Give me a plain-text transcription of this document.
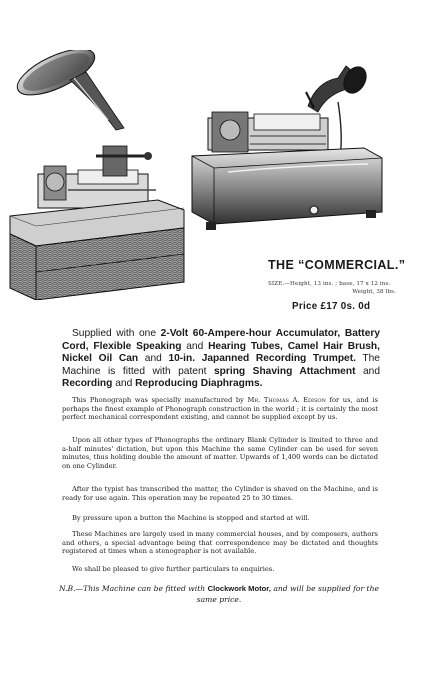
THE “COMMERCIAL.”
SIZE.—Height, 13 ins. ; base, 17 x 12 ins.
Weight, 38 lbs.
Price £17 0s. 0d
Supplied with one 2-Volt 60-Ampere-hour Accumulator, Battery Cord, Flexible Speaking and Hearing Tubes, Camel Hair Brush, Nickel Oil Can and 10-in. Japanned Recording Trumpet. The Machine is fitted with patent spring Shaving Attachment and Recording and Reproducing Diaphragms.
This Phonograph was specially manufactured by Mr. Thomas A. Edison for us, and is perhaps the finest example of Phonograph construction in the world ; it is certainly the most perfect mechanical correspondent existing, and cannot be supplied except by us.
Upon all other types of Phonographs the ordinary Blank Cylinder is limited to three and a-half minutes' dictation, but upon this Machine the same Cylinder can be used for seven minutes, thus holding double the amount of matter. Upwards of 1,400 words can be dictated on one Cylinder.
After the typist has transcribed the matter, the Cylinder is shaved on the Machine, and is ready for use again. This operation may be repeated 25 to 30 times.
By pressure upon a button the Machine is stopped and started at will.
These Machines are largely used in many commercial houses, and by composers, authors and others, a special advantage being that correspondence may be dictated and thoughts registered at times when a stenographer is not available.
We shall be pleased to give further particulars to enquiries.
N.B.—This Machine can be fitted with Clockwork Motor, and will be supplied for the same price.
